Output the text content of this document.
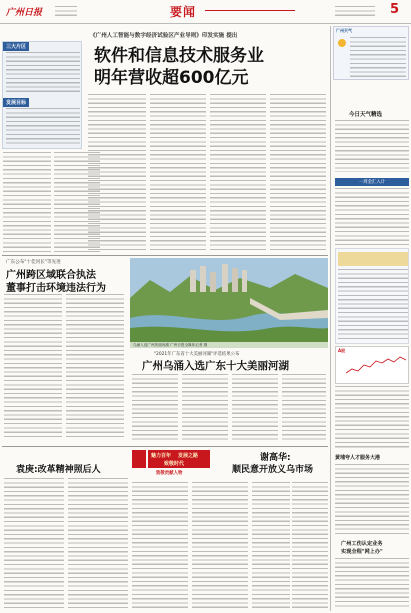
广州日报	要闻	5
三大片区
发展目标
《广州人工智能与数字经济试验区产业导则》印发实施 提出
软件和信息技术服务业
明年营收超600亿元
广州天气
今日天气精选
一周金汇入计
A股
黄埔夸人才服务大港
广州工伤认定业务
实现全程"网上办"
广东公布"十佳河长"等先进
广州跨区域联合执法
董事打击环境违法行为
乌涌入选广州美丽河湖 广州日报全媒体记者 摄
"2021年广东省十大美丽河湖"评选结果公布
广州乌涌入选广东十大美丽河湖
袁庚:改革精神照后人
魅力百年 发展之路
致敬时代
致敬贡献人物
谢高华:
顺民意开放义乌市场
